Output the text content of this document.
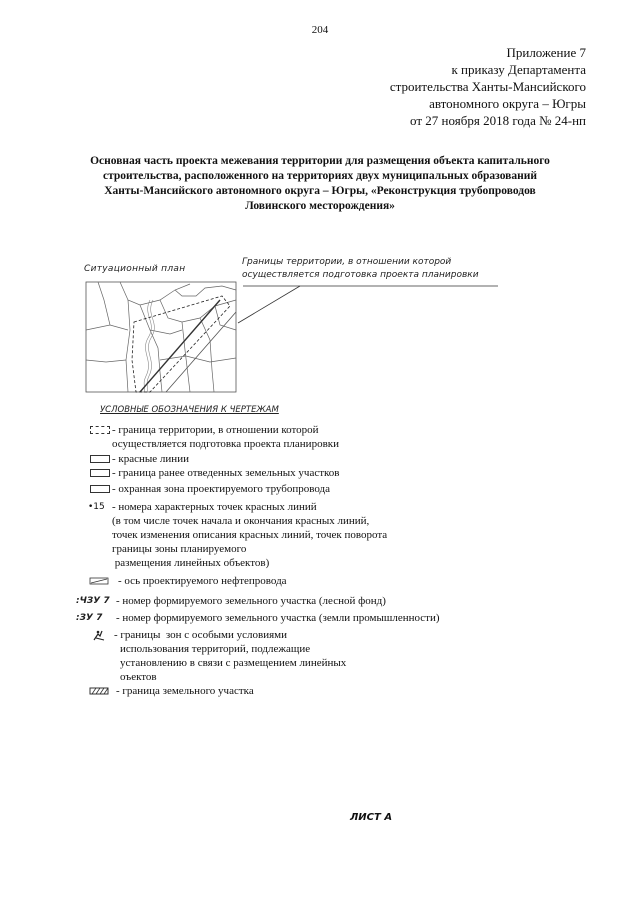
204
Приложение 7
к приказу Департамента
строительства Ханты-Мансийского
автономного округа – Югры
от 27 ноября 2018 года № 24-нп
Основная часть проекта межевания территории для размещения объекта капитального
строительства, расположенного на территориях двух муниципальных образований
Ханты-Мансийского автономного округа – Югры, «Реконструкция трубопроводов
Ловинского месторождения»
Ситуационный план
Границы территории, в отношении которой
осуществляется подготовка проекта планировки
УСЛОВНЫЕ ОБОЗНАЧЕНИЯ К ЧЕРТЕЖАМ
- граница территории, в отношении которой
осуществляется подготовка проекта планировки
- красные линии
- граница ранее отведенных земельных участков
- охранная зона проектируемого трубопровода
•15 - номера характерных точек красных линий
(в том числе точек начала и окончания красных линий,
точек изменения описания красных линий, точек поворота
границы зоны планируемого
размещения линейных объектов)
- ось проектируемого нефтепровода
:ЧЗУ 7 - номер формируемого земельного участка (лесной фонд)
:ЗУ 7	- номер формируемого земельного участка (земли промышленности)
- границы  зон с особыми условиями
использования территорий, подлежащие
установлению в связи с размещением линейных
оъектов
- граница земельного участка
ЛИСТ А
